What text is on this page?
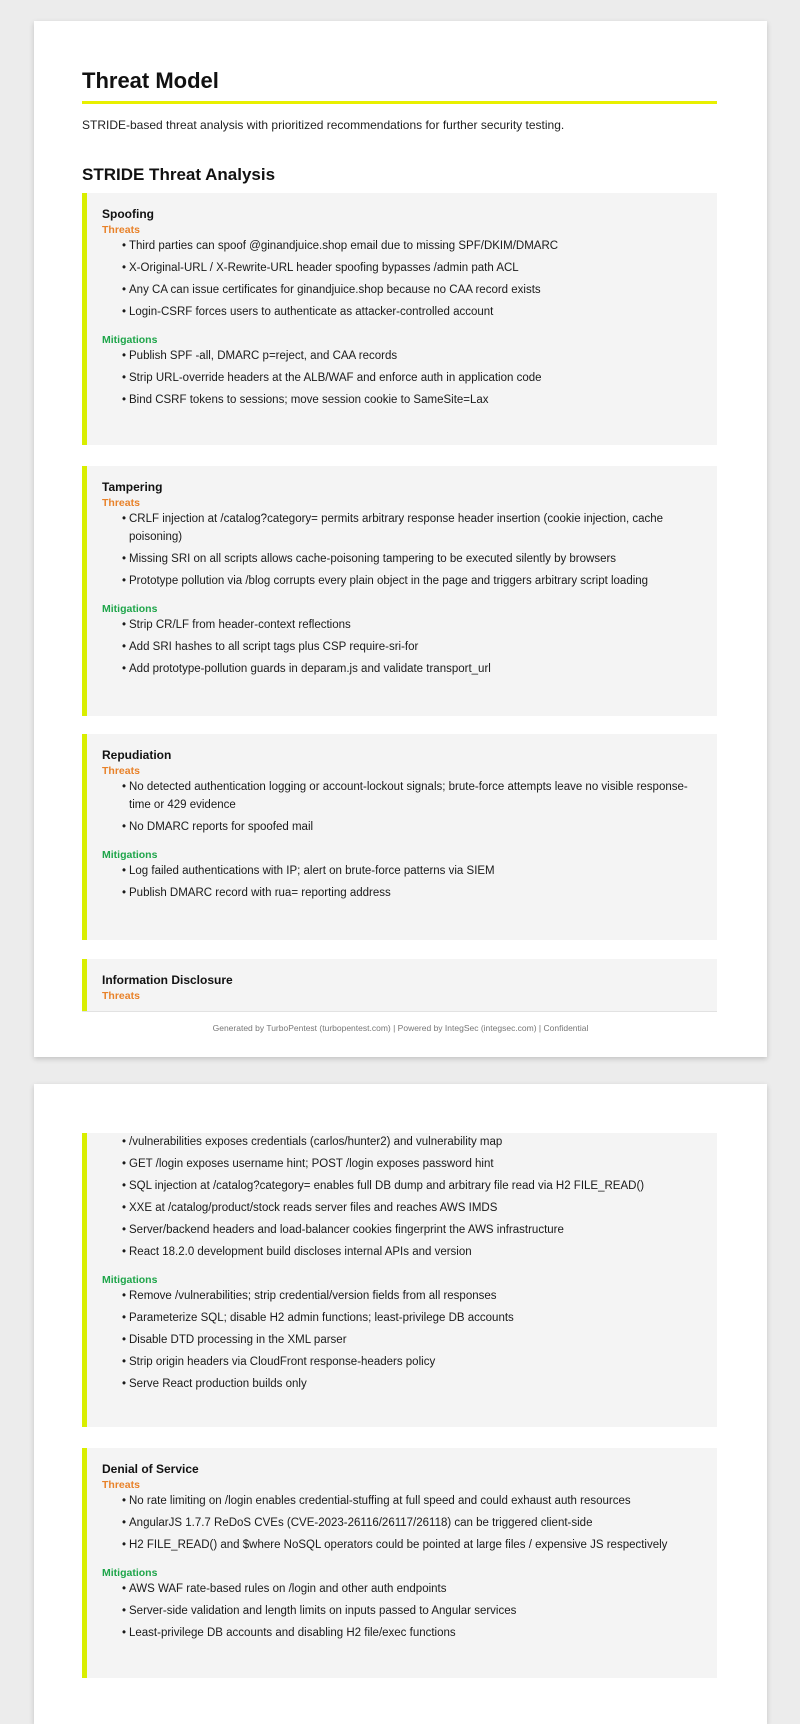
Threat Model

STRIDE-based threat analysis with prioritized recommendations for further security testing.

STRIDE Threat Analysis
Spoofing
Threats
• Third parties can spoof @ginandjuice.shop email due to missing SPF/DKIM/DMARC
• X-Original-URL / X-Rewrite-URL header spoofing bypasses /admin path ACL
• Any CA can issue certificates for ginandjuice.shop because no CAA record exists
• Login-CSRF forces users to authenticate as attacker-controlled account
Mitigations
• Publish SPF -all, DMARC p=reject, and CAA records
• Strip URL-override headers at the ALB/WAF and enforce auth in application code
• Bind CSRF tokens to sessions; move session cookie to SameSite=Lax
Tampering
Threats
• CRLF injection at /catalog?category= permits arbitrary response header insertion (cookie injection, cache poisoning)
• Missing SRI on all scripts allows cache-poisoning tampering to be executed silently by browsers
• Prototype pollution via /blog corrupts every plain object in the page and triggers arbitrary script loading
Mitigations
• Strip CR/LF from header-context reflections
• Add SRI hashes to all script tags plus CSP require-sri-for
• Add prototype-pollution guards in deparam.js and validate transport_url
Repudiation
Threats
• No detected authentication logging or account-lockout signals; brute-force attempts leave no visible response-time or 429 evidence
• No DMARC reports for spoofed mail
Mitigations
• Log failed authentications with IP; alert on brute-force patterns via SIEM
• Publish DMARC record with rua= reporting address
Information Disclosure
Threats

Generated by TurboPentest (turbopentest.com) | Powered by IntegSec (integsec.com) | Confidential

• /vulnerabilities exposes credentials (carlos/hunter2) and vulnerability map
• GET /login exposes username hint; POST /login exposes password hint
• SQL injection at /catalog?category= enables full DB dump and arbitrary file read via H2 FILE_READ()
• XXE at /catalog/product/stock reads server files and reaches AWS IMDS
• Server/backend headers and load-balancer cookies fingerprint the AWS infrastructure
• React 18.2.0 development build discloses internal APIs and version
Mitigations
• Remove /vulnerabilities; strip credential/version fields from all responses
• Parameterize SQL; disable H2 admin functions; least-privilege DB accounts
• Disable DTD processing in the XML parser
• Strip origin headers via CloudFront response-headers policy
• Serve React production builds only
Denial of Service
Threats
• No rate limiting on /login enables credential-stuffing at full speed and could exhaust auth resources
• AngularJS 1.7.7 ReDoS CVEs (CVE-2023-26116/26117/26118) can be triggered client-side
• H2 FILE_READ() and $where NoSQL operators could be pointed at large files / expensive JS respectively
Mitigations
• AWS WAF rate-based rules on /login and other auth endpoints
• Server-side validation and length limits on inputs passed to Angular services
• Least-privilege DB accounts and disabling H2 file/exec functions
